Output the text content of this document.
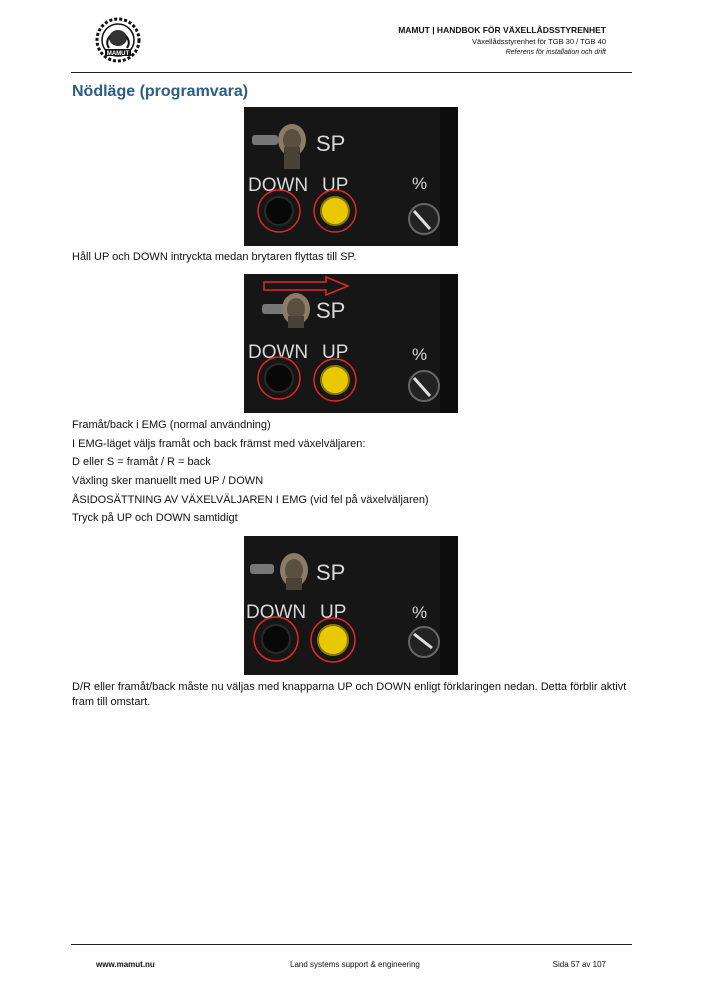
MAMUT
MAMUT | HANDBOK FÖR VÄXELLÅDSSTYRENHET
Växellådsstyrenhet för TGB 30 / TGB 40
Referens för installation och drift
Nödläge (programvara)
SP
DOWN UP	%

Håll UP och DOWN intryckta medan brytaren flyttas till SP.

SP
DOWN UP	%

Framåt/back i EMG (normal användning)

I EMG-läget väljs framåt och back främst med växelväljaren:

D eller S = framåt / R = back

Växling sker manuellt med UP / DOWN

ÅSIDOSÄTTNING AV VÄXELVÄLJAREN I EMG (vid fel på växelväljaren)

Tryck på UP och DOWN samtidigt

SP
DOWN UP	%

D/R eller framåt/back måste nu väljas med knapparna UP och DOWN enligt förklaringen nedan. Detta förblir aktivt fram till omstart.

www.mamut.nu	Land systems support & engineering	Sida 57 av 107
